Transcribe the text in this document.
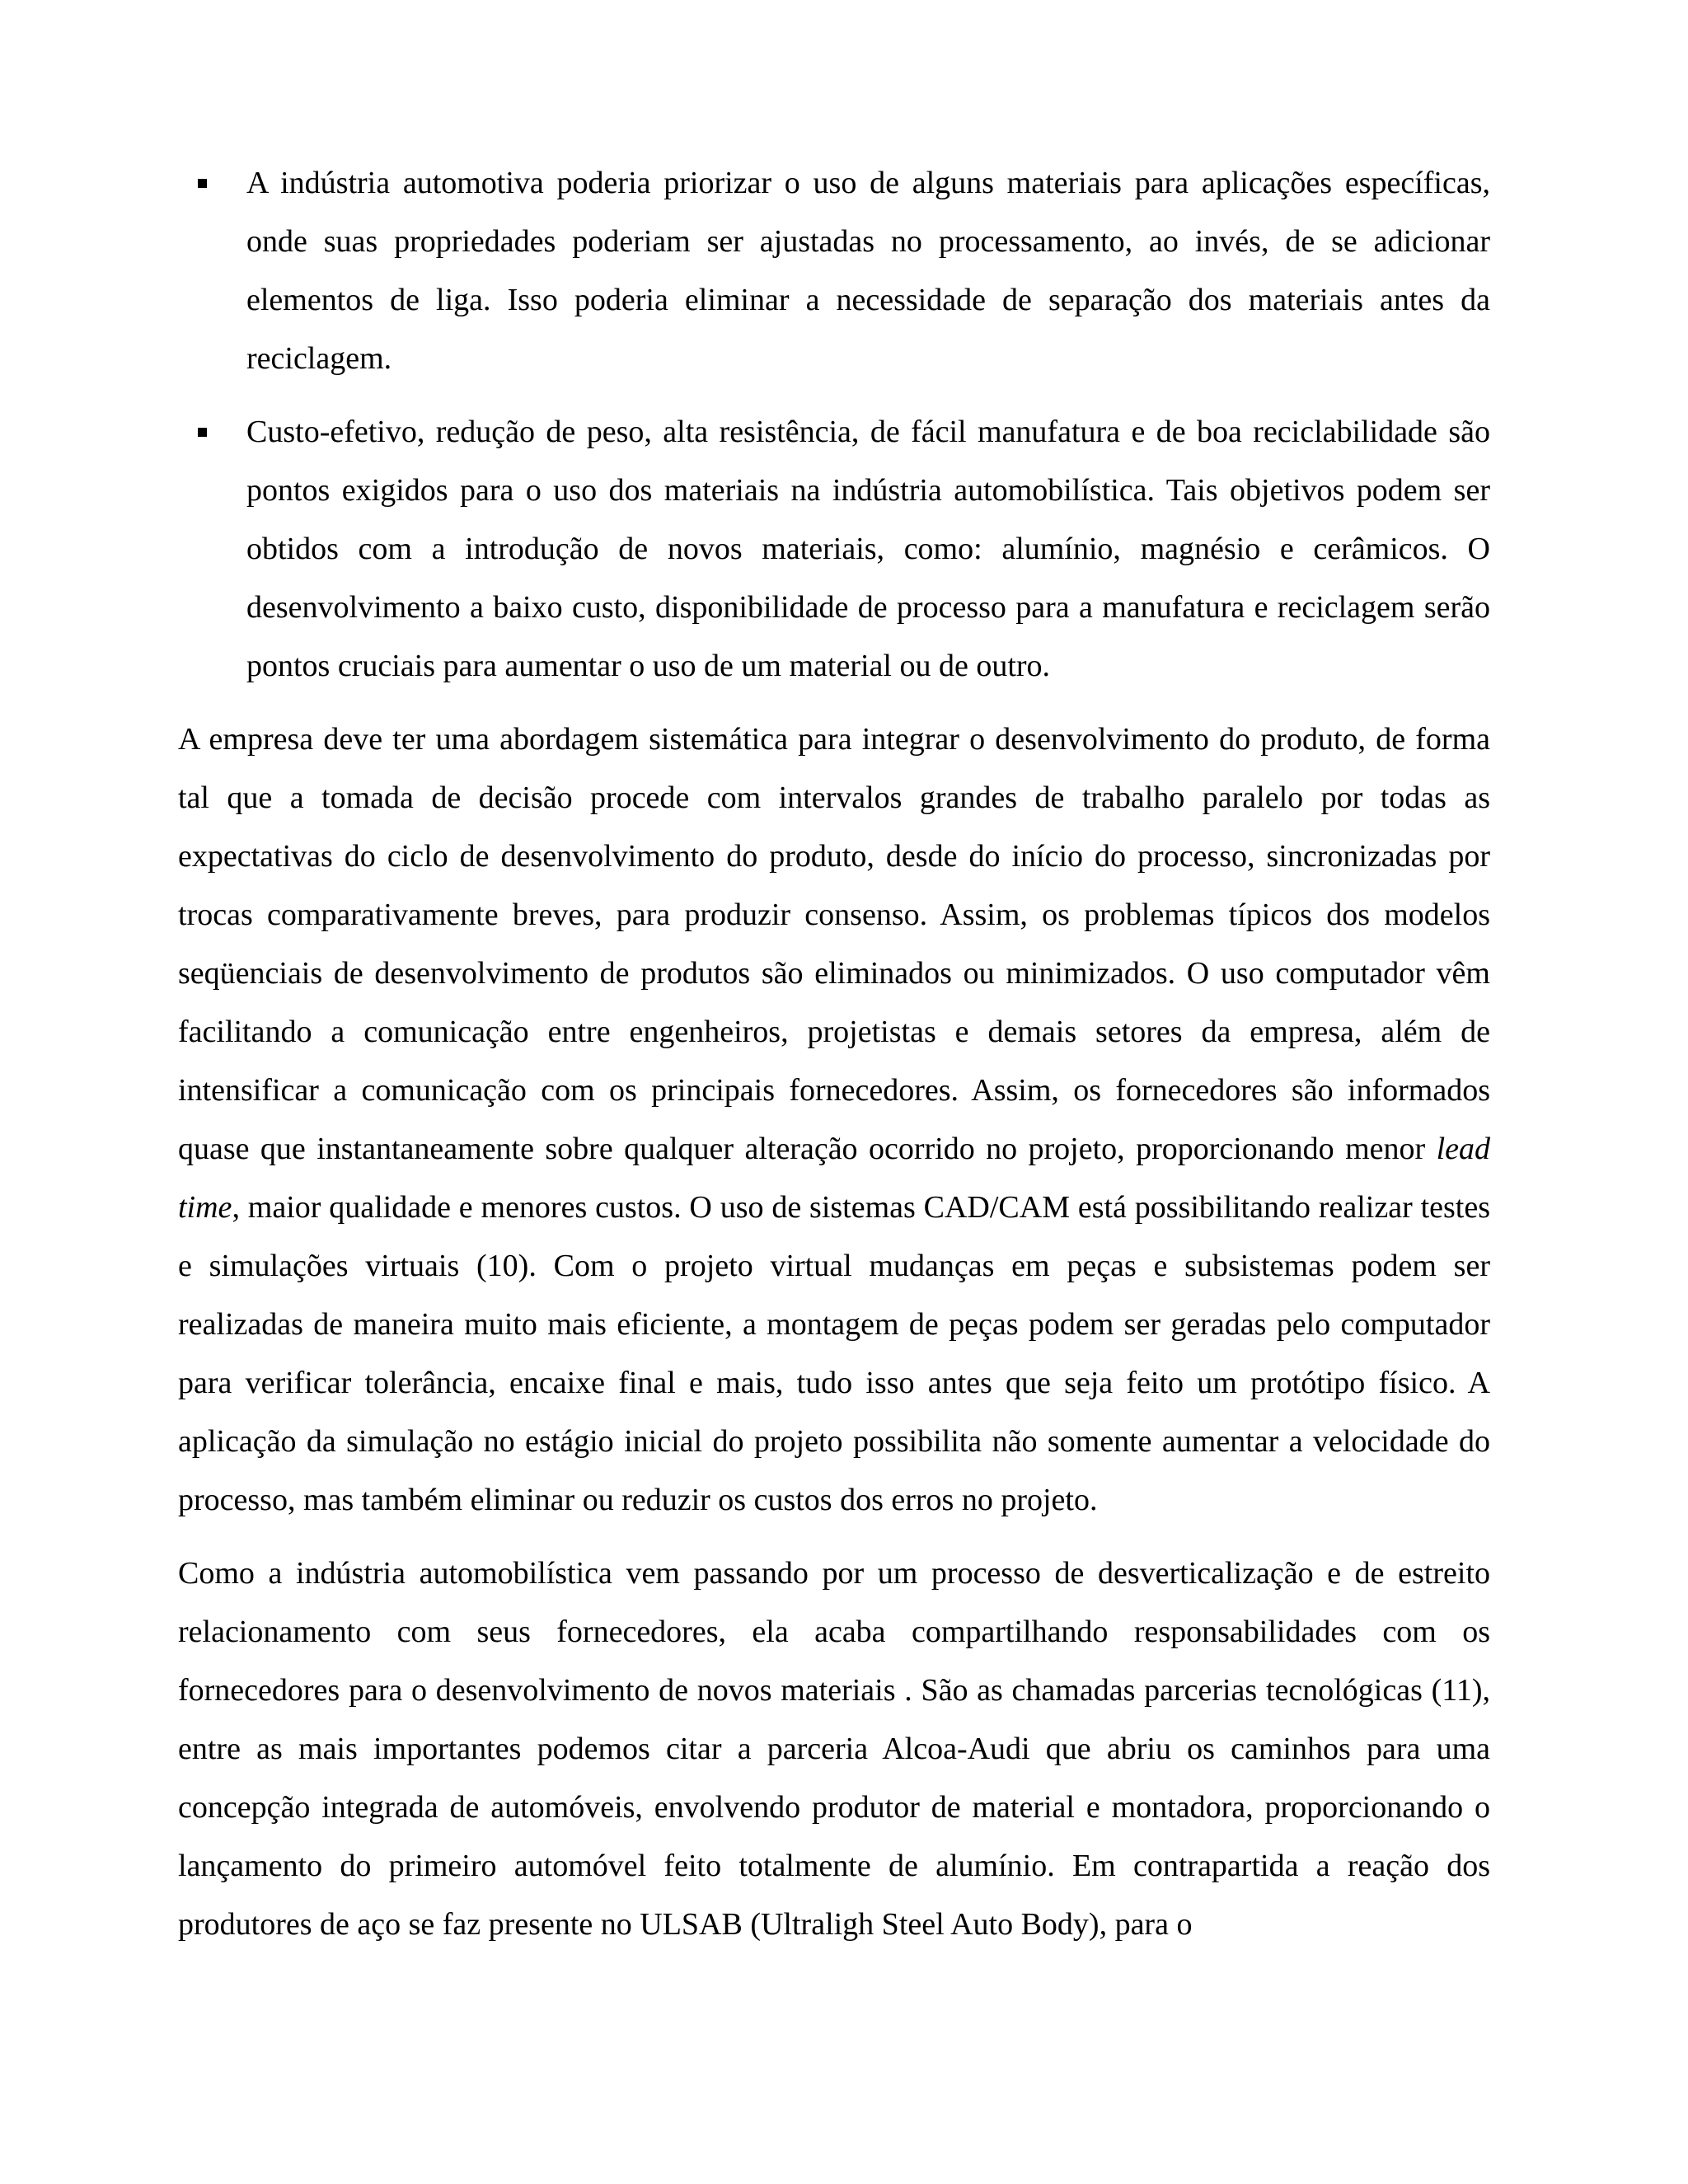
A indústria automotiva poderia priorizar o uso de alguns materiais para aplicações específicas, onde suas propriedades poderiam ser ajustadas no processamento, ao invés, de se adicionar elementos de liga. Isso poderia eliminar a necessidade de separação dos materiais antes da reciclagem.
Custo-efetivo, redução de peso, alta resistência, de fácil manufatura e de boa reciclabilidade são pontos exigidos para o uso dos materiais na indústria automobilística. Tais objetivos podem ser obtidos com a introdução de novos materiais, como: alumínio, magnésio e cerâmicos. O desenvolvimento a baixo custo, disponibilidade de processo para a manufatura e reciclagem serão pontos cruciais para aumentar o uso de um material ou de outro.

A empresa deve ter uma abordagem sistemática para integrar o desenvolvimento do produto, de forma tal que a tomada de decisão procede com intervalos grandes de trabalho paralelo por todas as expectativas do ciclo de desenvolvimento do produto, desde do início do processo, sincronizadas por trocas comparativamente breves, para produzir consenso. Assim, os problemas típicos dos modelos seqüenciais de desenvolvimento de produtos são eliminados ou minimizados. O uso computador vêm facilitando a comunicação entre engenheiros, projetistas e demais setores da empresa, além de intensificar a comunicação com os principais fornecedores. Assim, os fornecedores são informados quase que instantaneamente sobre qualquer alteração ocorrido no projeto, proporcionando menor lead time, maior qualidade e menores custos. O uso de sistemas CAD/CAM está possibilitando realizar testes e simulações virtuais (10). Com o projeto virtual mudanças em peças e subsistemas podem ser realizadas de maneira muito mais eficiente, a montagem de peças podem ser geradas pelo computador para verificar tolerância, encaixe final e mais, tudo isso antes que seja feito um protótipo físico. A aplicação da simulação no estágio inicial do projeto possibilita não somente aumentar a velocidade do processo, mas também eliminar ou reduzir os custos dos erros no projeto.

Como a indústria automobilística vem passando por um processo de desverticalização e de estreito relacionamento com seus fornecedores, ela acaba compartilhando responsabilidades com os fornecedores para o desenvolvimento de novos materiais . São as chamadas parcerias tecnológicas (11), entre as mais importantes podemos citar a parceria Alcoa-Audi que abriu os caminhos para uma concepção integrada de automóveis, envolvendo produtor de material e montadora, proporcionando o lançamento do primeiro automóvel feito totalmente de alumínio. Em contrapartida a reação dos produtores de aço se faz presente no ULSAB (Ultraligh Steel Auto Body), para o
